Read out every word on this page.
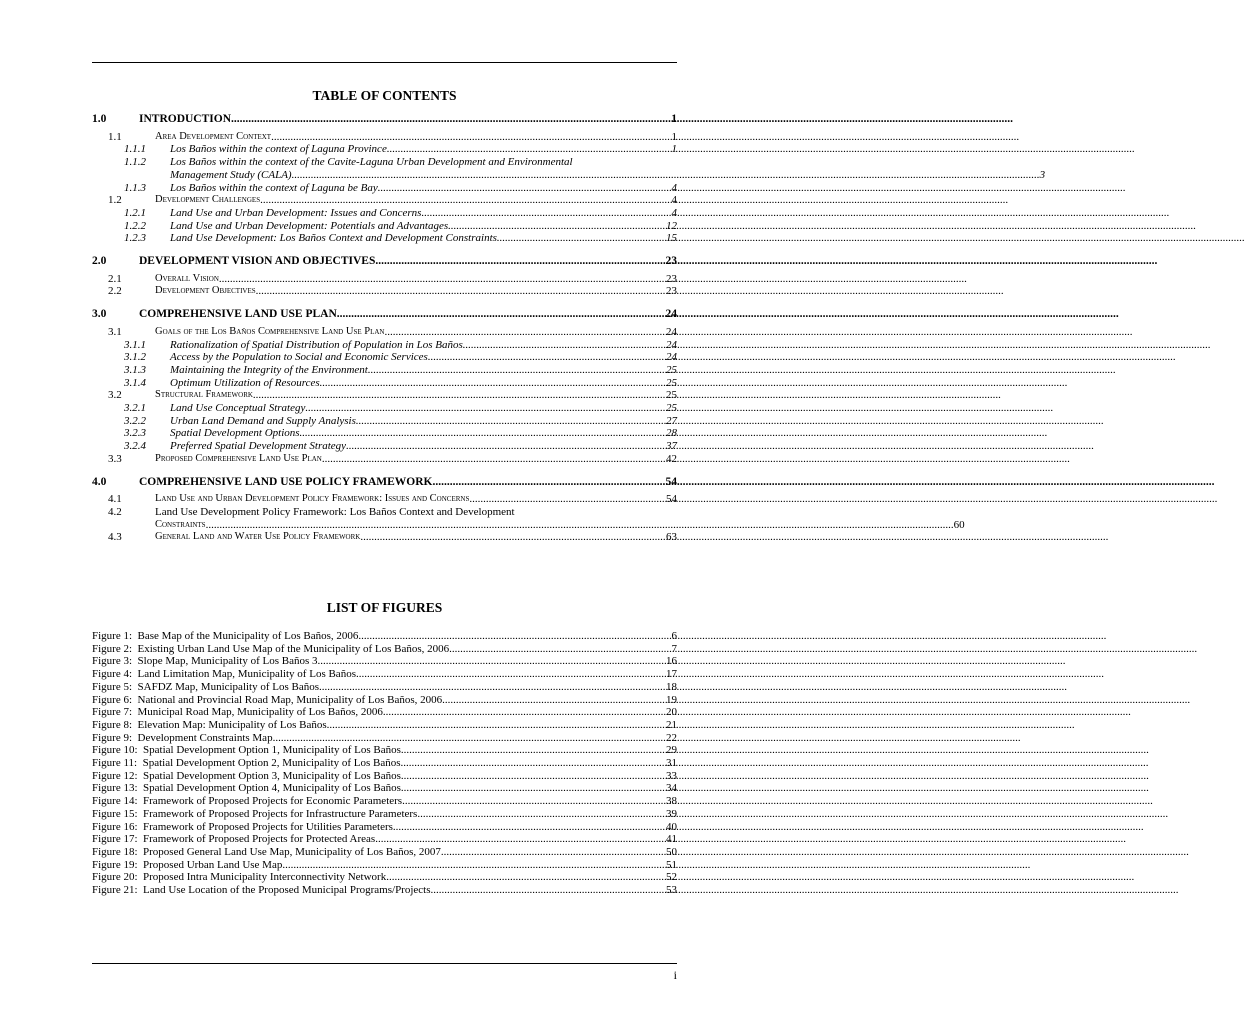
TABLE OF CONTENTS
1.0	INTRODUCTION .....	1
1.1	Area Development Context .....	1
1.1.1	Los Baños within the context of Laguna Province .....	1
1.1.2	Los Baños within the context of the Cavite-Laguna Urban Development and Environmental
Management Study (CALA) .....	3
1.1.3	Los Baños within the context of Laguna be Bay .....	4
1.2	Development Challenges .....	4
1.2.1	Land Use and Urban Development: Issues and Concerns .....	4
1.2.2	Land Use and Urban Development: Potentials and Advantages .....	12
1.2.3	Land Use Development: Los Baños Context and Development Constraints .....	15
2.0	DEVELOPMENT VISION AND OBJECTIVES .....	23
2.1	Overall Vision .....	23
2.2	Development Objectives .....	23
3.0	COMPREHENSIVE LAND USE PLAN .....	24
3.1	Goals of the Los Baños Comprehensive Land Use Plan .....	24
3.1.1	Rationalization of Spatial Distribution of Population in Los Baños .....	24
3.1.2	Access by the Population to Social and Economic Services .....	24
3.1.3	Maintaining the Integrity of the Environment .....	25
3.1.4	Optimum Utilization of Resources .....	25
3.2	Structural Framework .....	25
3.2.1	Land Use Conceptual Strategy .....	25
3.2.2	Urban Land Demand and Supply Analysis .....	27
3.2.3	Spatial Development Options .....	28
3.2.4	Preferred Spatial Development Strategy .....	37
3.3	Proposed Comprehensive Land Use Plan .....	42
4.0	COMPREHENSIVE LAND USE POLICY FRAMEWORK .....	54
4.1	Land Use and Urban Development Policy Framework: Issues and Concerns .....	54
4.2	Land Use Development Policy Framework: Los Baños Context and Development
Constraints .....	60
4.3	General Land and Water Use Policy Framework .....	63
LIST OF FIGURES
Figure 1:
Base Map of the Municipality of Los Baños, 2006 .....	6
Figure 2:
Existing Urban Land Use Map of the Municipality of Los Baños, 2006 .....	7
Figure 3:
Slope Map, Municipality of Los Baños 3 .....	16
Figure 4:
Land Limitation Map, Municipality of Los Baños .....	17
Figure 5:
SAFDZ Map, Municipality of Los Baños .....	18
Figure 6:
National and Provincial Road Map, Municipality of Los Baños, 2006 .....	19
Figure 7:
Municipal Road Map, Municipality of Los Baños, 2006 .....	20
Figure 8:
Elevation Map: Municipality of Los Baños .....	21
Figure 9:
Development Constraints Map .....	22
Figure 10:
Spatial Development Option 1, Municipality of Los Baños .....	29
Figure 11:
Spatial Development Option 2, Municipality of Los Baños .....	31
Figure 12:
Spatial Development Option 3, Municipality of Los Baños .....	33
Figure 13:
Spatial Development Option 4, Municipality of Los Baños .....	34
Figure 14:
Framework of Proposed Projects for Economic Parameters. .....	38
Figure 15:
Framework of Proposed Projects for Infrastructure Parameters. .....	39
Figure 16:
Framework of Proposed Projects for Utilities Parameters. .....	40
Figure 17:
Framework of Proposed Projects for Protected Areas. .....	41
Figure 18:
Proposed General Land Use Map, Municipality of Los Baños, 2007 .....	50
Figure 19:
Proposed Urban Land Use Map .....	51
Figure 20:
Proposed Intra Municipality Interconnectivity Network .....	52
Figure 21:
Land Use Location of the Proposed Municipal Programs/Projects .....	53
i
